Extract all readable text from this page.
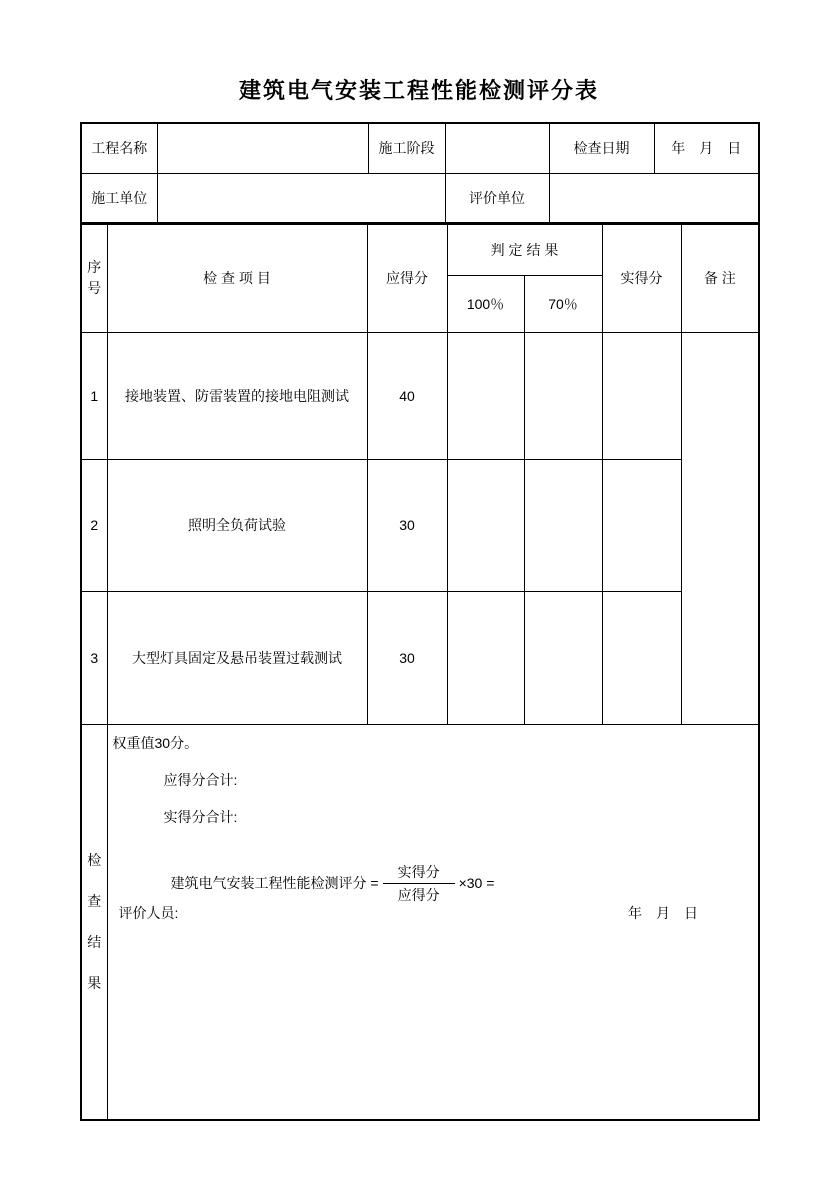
建筑电气安装工程性能检测评分表
工程名称		施工阶段		检查日期	年　月　日
施工单位			评价单位		
序号	检 查 项 目	应得分	判 定 结 果		实得分	备 注
			100％	70％		
1	接地装置、防雷装置的接地电阻测试	40				
2	照明全负荷试验	30				
3	大型灯具固定及悬吊装置过载测试	30				

检查结果

权重值30分。
应得分合计:
实得分合计:
建筑电气安装工程性能检测评分 = $\frac{\text{实得分}}{\text{应得分}} \times 30$ =
评价人员:	年　月　日
